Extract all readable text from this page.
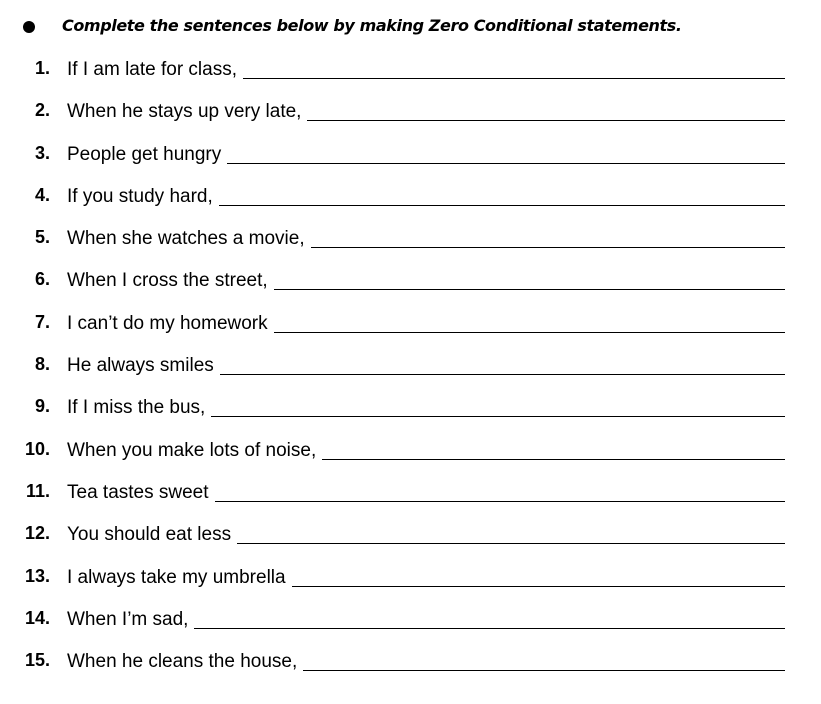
Complete the sentences below by making Zero Conditional statements.
1. If I am late for class,
2. When he stays up very late,
3. People get hungry
4. If you study hard,
5. When she watches a movie,
6. When I cross the street,
7. I can’t do my homework
8. He always smiles
9. If I miss the bus,
10. When you make lots of noise,
11. Tea tastes sweet
12. You should eat less
13. I always take my umbrella
14. When I’m sad,
15. When he cleans the house,
